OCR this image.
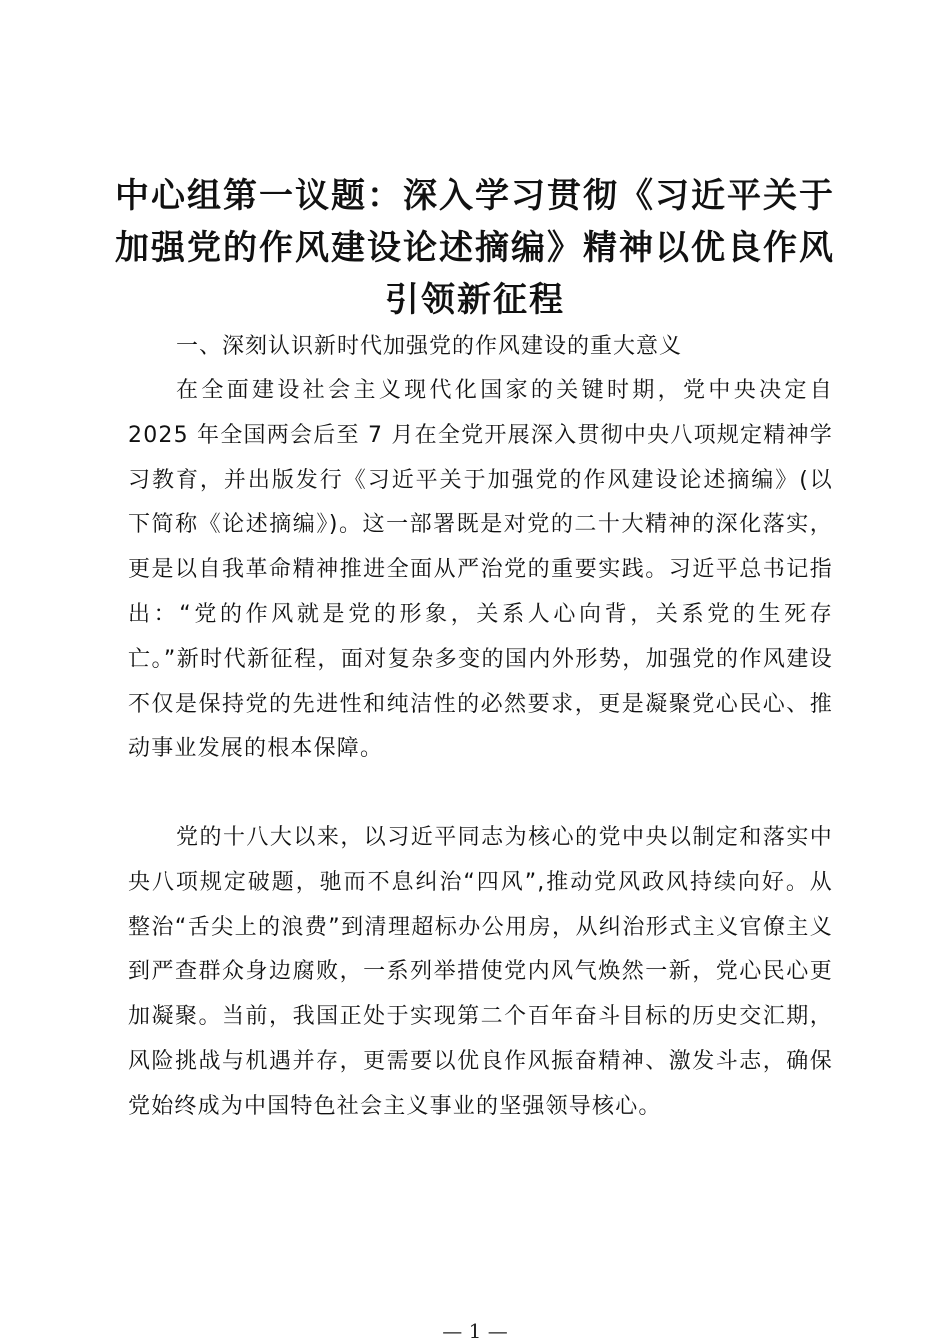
中心组第一议题：深入学习贯彻《习近平关于
加强党的作风建设论述摘编》精神以优良作风
引领新征程
一、深刻认识新时代加强党的作风建设的重大意义

在全面建设社会主义现代化国家的关键时期，党中央决定自 2025 年全国两会后至 7 月在全党开展深入贯彻中央八项规定精神学习教育，并出版发行《习近平关于加强党的作风建设论述摘编》(以下简称《论述摘编》)。这一部署既是对党的二十大精神的深化落实，更是以自我革命精神推进全面从严治党的重要实践。习近平总书记指出：“党的作风就是党的形象，关系人心向背，关系党的生死存亡。”新时代新征程，面对复杂多变的国内外形势，加强党的作风建设不仅是保持党的先进性和纯洁性的必然要求，更是凝聚党心民心、推动事业发展的根本保障。

党的十八大以来，以习近平同志为核心的党中央以制定和落实中央八项规定破题，驰而不息纠治“四风”,推动党风政风持续向好。从整治“舌尖上的浪费”到清理超标办公用房，从纠治形式主义官僚主义到严查群众身边腐败，一系列举措使党内风气焕然一新，党心民心更加凝聚。当前，我国正处于实现第二个百年奋斗目标的历史交汇期，风险挑战与机遇并存，更需要以优良作风振奋精神、激发斗志，确保党始终成为中国特色社会主义事业的坚强领导核心。

— 1 —
